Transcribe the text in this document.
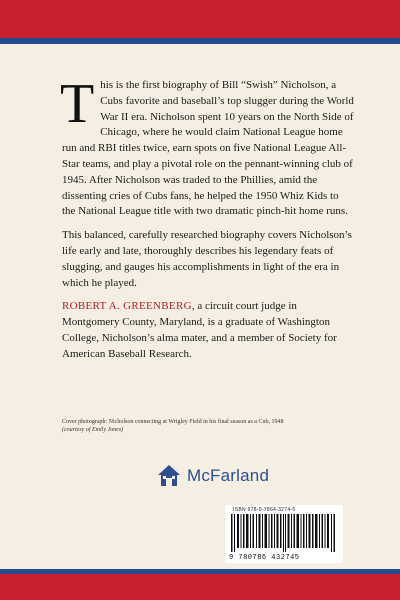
T his is the first biography of Bill “Swish” Nicholson, a Cubs favorite and baseball’s top slugger during the World War II era. Nicholson spent 10 years on the North Side of Chicago, where he would claim National League home run and RBI titles twice, earn spots on five National League All-Star teams, and play a pivotal role on the pennant-winning club of 1945. After Nicholson was traded to the Phillies, amid the dissenting cries of Cubs fans, he helped the 1950 Whiz Kids to the National League title with two dramatic pinch-hit home runs.

This balanced, carefully researched biography covers Nicholson’s life early and late, thoroughly describes his legendary feats of slugging, and gauges his accomplishments in light of the era in which he played.

ROBERT A. GREENBERG, a circuit court judge in Montgomery County, Maryland, is a graduate of Washington College, Nicholson’s alma mater, and a member of Society for American Baseball Research.

Cover photograph: Nicholson connecting at Wrigley Field in his final season as a Cub, 1948
(courtesy of Emily Jones)
McFarland
ISBN 978-0-7864-3274-5
9 780786 432745
